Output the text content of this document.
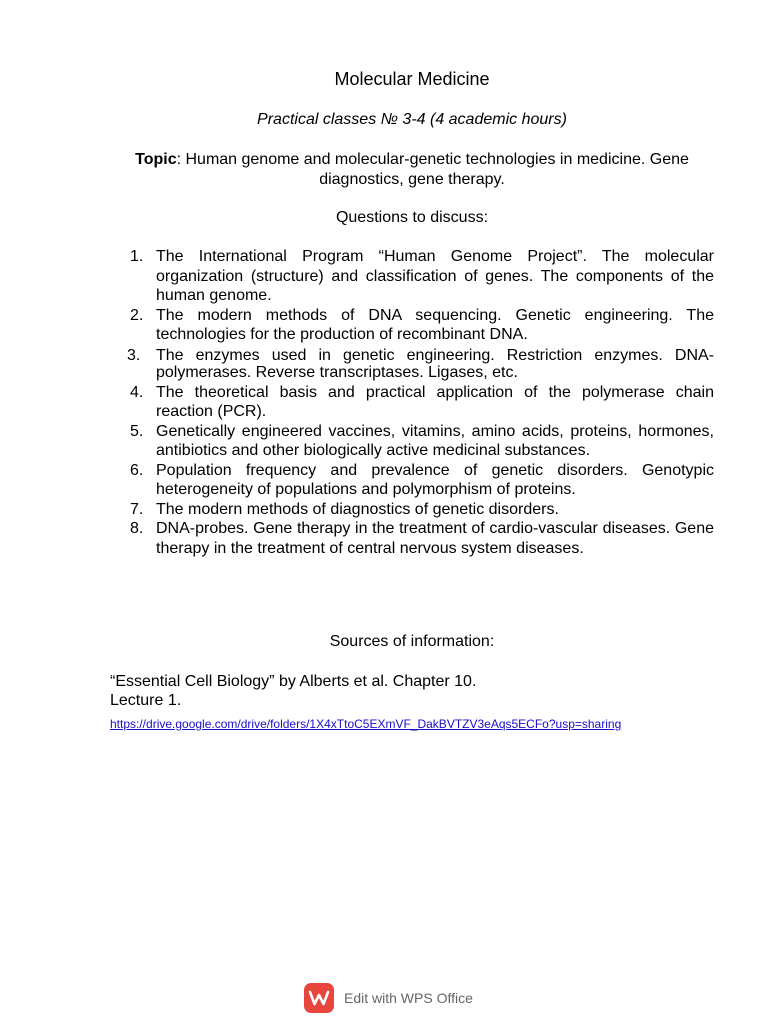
Molecular Medicine
Practical classes № 3-4 (4 academic hours)
Topic: Human genome and molecular-genetic technologies in medicine. Gene diagnostics, gene therapy.
Questions to discuss:
1. The International Program “Human Genome Project”. The molecular organization (structure) and classification of genes. The components of the human genome.
2. The modern methods of DNA sequencing. Genetic engineering. The technologies for the production of recombinant DNA.
3. The enzymes used in genetic engineering. Restriction enzymes. DNA-polymerases. Reverse transcriptases. Ligases, etc.
4. The theoretical basis and practical application of the polymerase chain reaction (PCR).
5. Genetically engineered vaccines, vitamins, amino acids, proteins, hormones, antibiotics and other biologically active medicinal substances.
6. Population frequency and prevalence of genetic disorders. Genotypic heterogeneity of populations and polymorphism of proteins.
7. The modern methods of diagnostics of genetic disorders.
8. DNA-probes. Gene therapy in the treatment of cardio-vascular diseases. Gene therapy in the treatment of central nervous system diseases.
Sources of information:
“Essential Cell Biology” by Alberts et al. Chapter 10.
Lecture 1.
https://drive.google.com/drive/folders/1X4xTtoC5EXmVF_DakBVTZV3eAqs5ECFo?usp=sharing
Edit with WPS Office
